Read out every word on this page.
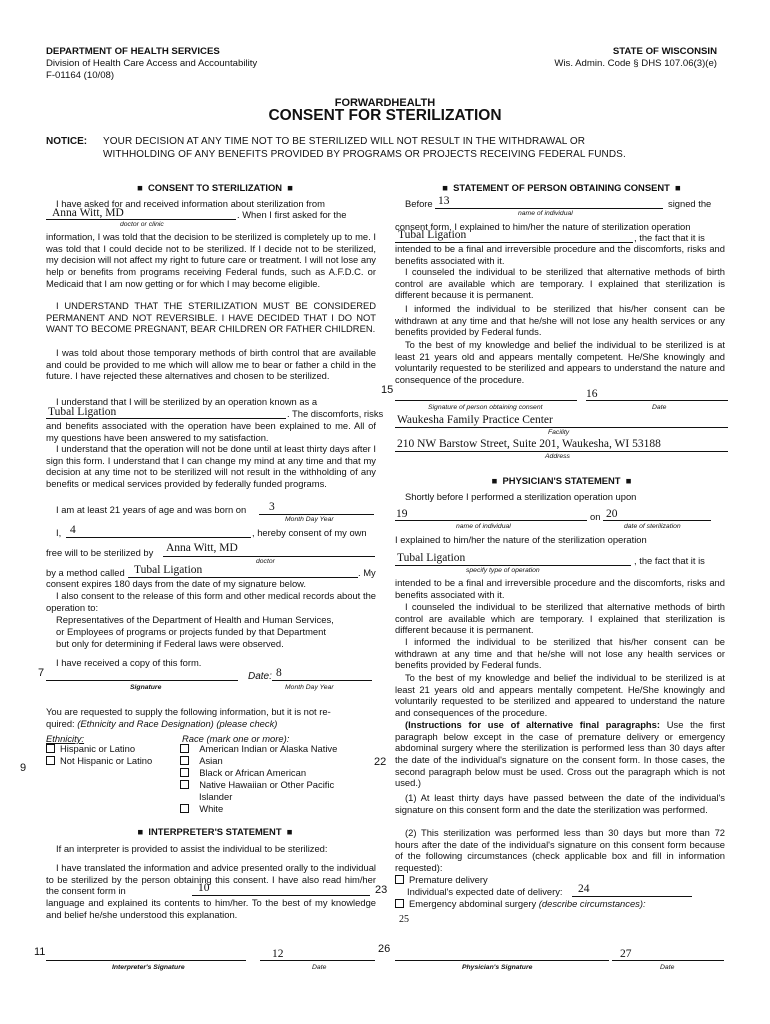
DEPARTMENT OF HEALTH SERVICES
Division of Health Care Access and Accountability
F-01164 (10/08)
STATE OF WISCONSIN
Wis. Admin. Code § DHS 107.06(3)(e)
FORWARDHEALTH
CONSENT FOR STERILIZATION
NOTICE: YOUR DECISION AT ANY TIME NOT TO BE STERILIZED WILL NOT RESULT IN THE WITHDRAWAL OR
WITHHOLDING OF ANY BENEFITS PROVIDED BY PROGRAMS OR PROJECTS RECEIVING FEDERAL FUNDS.
■  CONSENT TO STERILIZATION  ■
I have asked for and received information about sterilization from
Anna Witt, MD	. When I first asked for the
doctor or clinic
information, I was told that the decision to be sterilized is completely up to me. I was told that I could decide not to be sterilized. If I decide not to be sterilized, my decision will not affect my right to future care or treatment. I will not lose any help or benefits from programs receiving Federal funds, such as A.F.D.C. or Medicaid that I am now getting or for which I may become eligible.
I UNDERSTAND THAT THE STERILIZATION MUST BE CONSIDERED PERMANENT AND NOT REVERSIBLE. I HAVE DECIDED THAT I DO NOT WANT TO BECOME PREGNANT, BEAR CHILDREN OR FATHER CHILDREN.
I was told about those temporary methods of birth control that are available and could be provided to me which will allow me to bear or father a child in the future. I have rejected these alternatives and chosen to be sterilized.
I understand that I will be sterilized by an operation known as a
Tubal Ligation	. The discomforts, risks
and benefits associated with the operation have been explained to me. All of my questions have been answered to my satisfaction.
I understand that the operation will not be done until at least thirty days after I sign this form. I understand that I can change my mind at any time and that my decision at any time not to be sterilized will not result in the withholding of any benefits or medical services provided by federally funded programs.
I am at least 21 years of age and was born on 3
Month Day Year
I, 4	, hereby consent of my own
free will to be sterilized by Anna Witt, MD
doctor
by a method called Tubal Ligation	. My
consent expires 180 days from the date of my signature below.
I also consent to the release of this form and other medical records about the operation to:
Representatives of the Department of Health and Human Services,
or Employees of programs or projects funded by that Department
but only for determining if Federal laws were observed.
I have received a copy of this form.
7
Signature
Date: 8
Month Day Year
You are requested to supply the following information, but it is not re-
quired: (Ethnicity and Race Designation) (please check)
Ethnicity:
Hispanic or Latino
Not Hispanic or Latino
9
Race (mark one or more):
American Indian or Alaska Native
Asian
Black or African American
Native Hawaiian or Other Pacific
Islander
White
■  INTERPRETER'S STATEMENT  ■
If an interpreter is provided to assist the individual to be sterilized:
I have translated the information and advice presented orally to the individual to be sterilized by the person obtaining this consent. I have also read him/her the consent form in	10	23
language and explained its contents to him/her. To the best of my knowledge and belief he/she understood this explanation.
11
Interpreter's Signature
12
Date
■  STATEMENT OF PERSON OBTAINING CONSENT  ■
Before 13	signed the
name of individual
consent form, I explained to him/her the nature of sterilization operation
Tubal Ligation	, the fact that it is
intended to be a final and irreversible procedure and the discomforts, risks and benefits associated with it.
I counseled the individual to be sterilized that alternative methods of birth control are available which are temporary. I explained that sterilization is different because it is permanent.
I informed the individual to be sterilized that his/her consent can be withdrawn at any time and that he/she will not lose any health services or any benefits provided by Federal funds.
To the best of my knowledge and belief the individual to be sterilized is at least 21 years old and appears mentally competent. He/She knowingly and voluntarily requested to be sterilized and appears to understand the nature and consequence of the procedure.
15	16
Signature of person obtaining consent	Date
Waukesha Family Practice Center
Facility
210 NW Barstow Street, Suite 201, Waukesha, WI 53188
Address
■  PHYSICIAN'S STATEMENT  ■
Shortly before I performed a sterilization operation upon
19	on 20
name of individual	date of sterilization
I explained to him/her the nature of the sterilization operation
Tubal Ligation	, the fact that it is
specify type of operation
intended to be a final and irreversible procedure and the discomforts, risks and benefits associated with it.
I counseled the individual to be sterilized that alternative methods of birth control are available which are temporary. I explained that sterilization is different because it is permanent.
I informed the individual to be sterilized that his/her consent can be withdrawn at any time and that he/she will not lose any health services or benefits provided by Federal funds.
To the best of my knowledge and belief the individual to be sterilized is at least 21 years old and appears mentally competent. He/She knowingly and voluntarily requested to be sterilized and appeared to understand the nature and consequences of the procedure.
(Instructions for use of alternative final paragraphs: Use the first paragraph below except in the case of premature delivery or emergency abdominal surgery where the sterilization is performed less than 30 days after the date of the individual's signature on the consent form. In those cases, the second paragraph below must be used. Cross out the paragraph which is not used.)
22
(1) At least thirty days have passed between the date of the individual's signature on this consent form and the date the sterilization was performed.
(2) This sterilization was performed less than 30 days but more than 72 hours after the date of the individual's signature on this consent form because of the following circumstances (check applicable box and fill in information requested):
Premature delivery
Individual's expected date of delivery: 24
Emergency abdominal surgery (describe circumstances):
25
26
Physician's Signature
27
Date
